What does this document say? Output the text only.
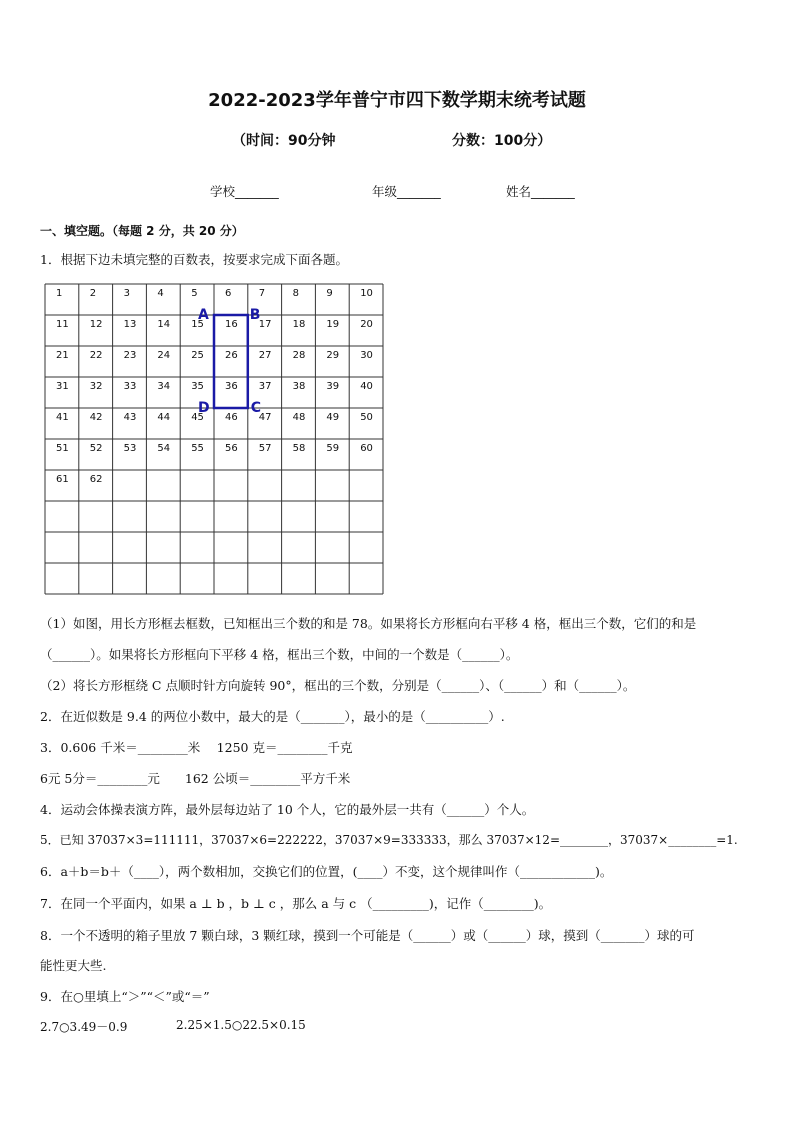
2022-2023学年普宁市四下数学期末统考试题
（时间：90分钟	分数：100分）
学校_______	年级_______	姓名_______
一、填空题。（每题 2 分，共 20 分）
1．根据下边未填完整的百数表，按要求完成下面各题。
1	2	3	4	5	6	7	8	9	10
11 12 13 14 15 16 17 18 19 20
21 22 23 24 25 26 27 28 29 30
31 32 33 34 35 36 37 38 39 40
41 42 43 44 45 46 47 48 49 50
51 52 53 54 55 56 57 58 59 60
61 62
A	B
C
D
（1）如图，用长方形框去框数，已知框出三个数的和是 78。如果将长方形框向右平移 4 格，框出三个数，它们的和是
（______）。如果将长方形框向下平移 4 格，框出三个数，中间的一个数是（______）。
（2）将长方形框绕 C 点顺时针方向旋转 90°，框出的三个数，分别是（______）、（______）和（______）。
2．在近似数是 9.4 的两位小数中，最大的是（_______），最小的是（__________）.
3．0.606 千米＝________米　 1250 克＝________千克
6元 5分＝________元　　162 公顷＝________平方千米
4．运动会体操表演方阵，最外层每边站了 10 个人，它的最外层一共有（______）个人。
5．已知 37037×3=111111，37037×6=222222，37037×9=333333，那么 37037×12=________，37037×________=1.
6．a＋b＝b＋（____），两个数相加，交换它们的位置，(____）不变，这个规律叫作（____________)。
7．在同一个平面内，如果 a ⊥ b ，b ⊥ c ，那么 a 与 c （_________)，记作（________)。
8．一个不透明的箱子里放 7 颗白球，3 颗红球，摸到一个可能是（______）或（______）球，摸到（_______）球的可
能性更大些.
9．在○里填上“＞”“＜”或“＝”
2.7○3.49－0.9	2.25×1.5○22.5×0.15
